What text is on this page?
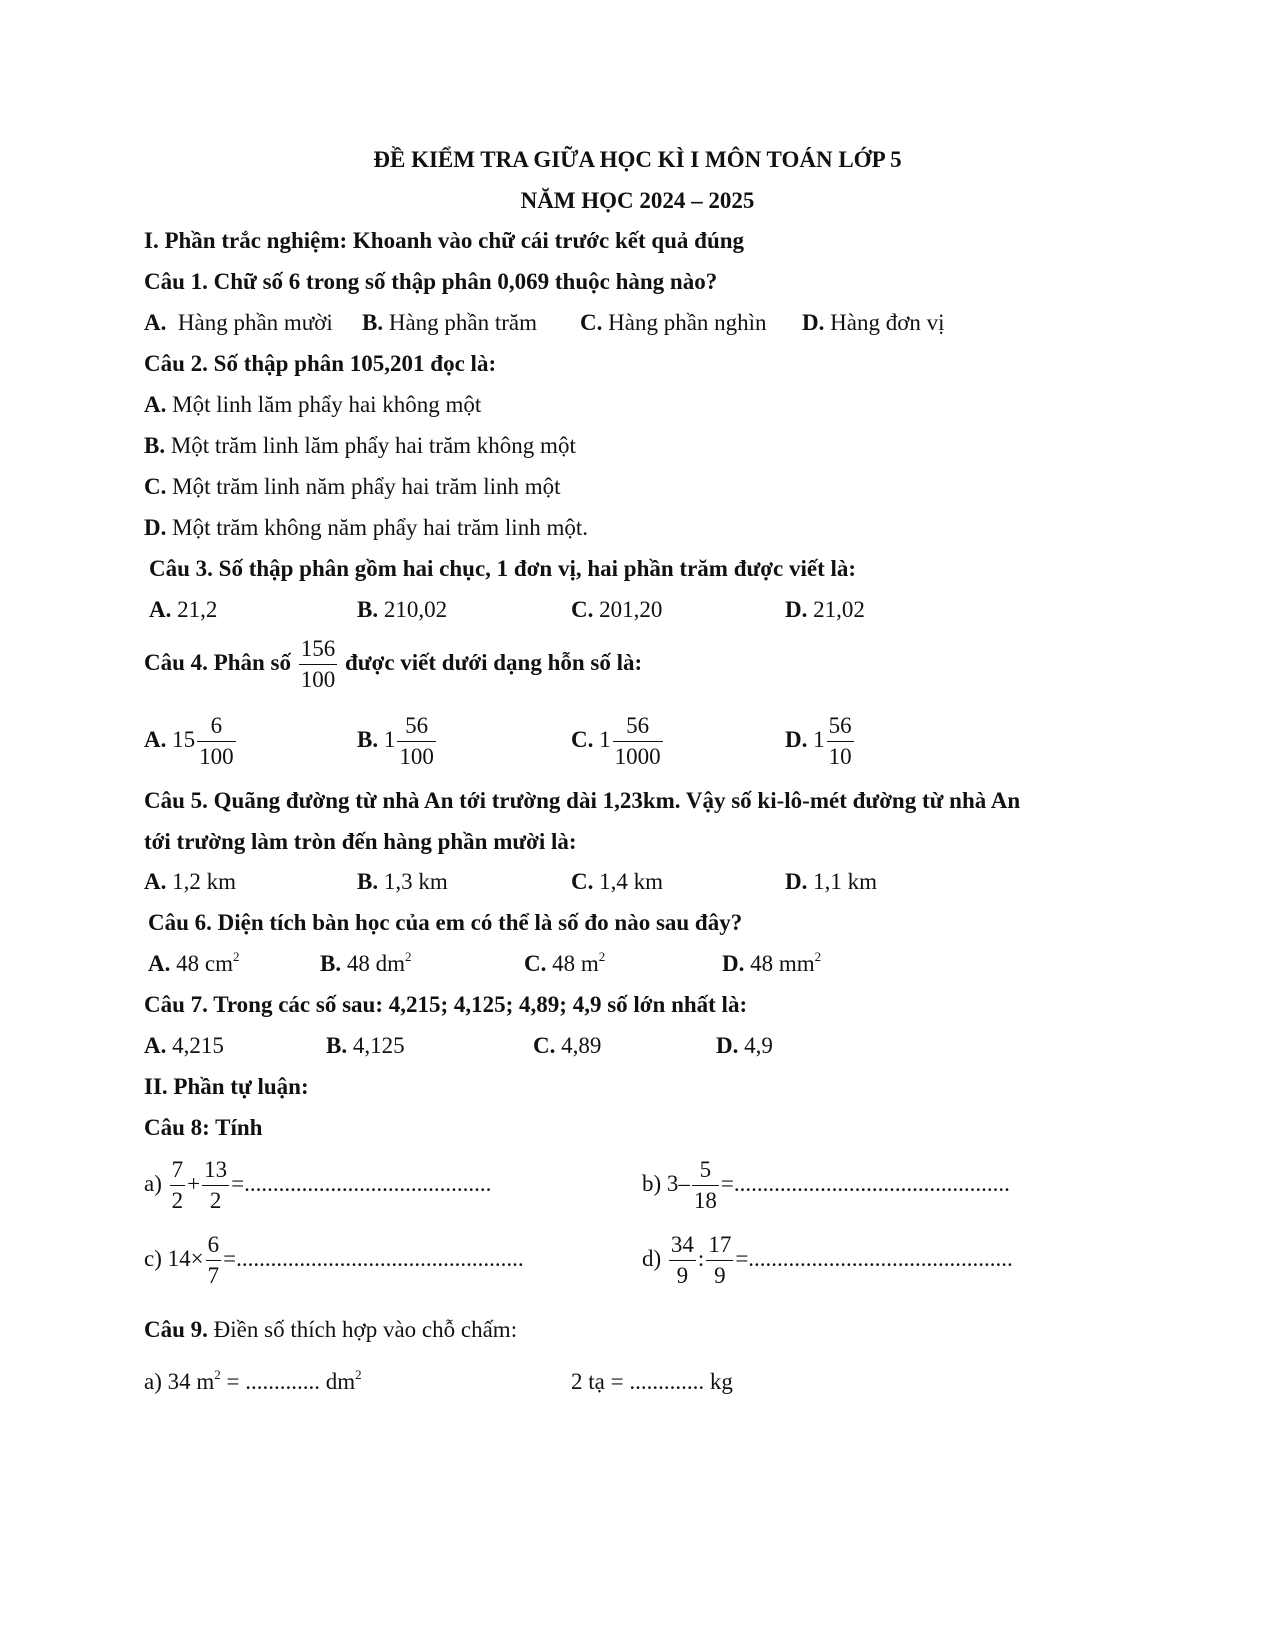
ĐỀ KIỂM TRA GIỮA HỌC KÌ I MÔN TOÁN LỚP 5
NĂM HỌC 2024 – 2025
I. Phần trắc nghiệm: Khoanh vào chữ cái trước kết quả đúng
Câu 1. Chữ số 6 trong số thập phân 0,069 thuộc hàng nào?
A. Hàng phần mười B. Hàng phần trăm C. Hàng phần nghìn D. Hàng đơn vị
Câu 2. Số thập phân 105,201 đọc là:
A. Một linh lăm phẩy hai không một
B. Một trăm linh lăm phẩy hai trăm không một
C. Một trăm linh năm phẩy hai trăm linh một
D. Một trăm không năm phẩy hai trăm linh một.
Câu 3. Số thập phân gồm hai chục, 1 đơn vị, hai phần trăm được viết là:
A. 21,2	B. 210,02	C. 201,20	D. 21,02
Câu 4. Phân số $\frac{156}{100}$ được viết dưới dạng hỗn số là:
A. $15 \frac{6}{100}$	B. $1 \frac{56}{100}$	C. $1 \frac{56}{1000}$	D. $1 \frac{56}{10}$
Câu 5. Quãng đường từ nhà An tới trường dài 1,23km. Vậy số ki-lô-mét đường từ nhà An
tới trường làm tròn đến hàng phần mười là:
A. 1,2 km	B. 1,3 km	C. 1,4 km	D. 1,1 km
Câu 6. Diện tích bàn học của em có thể là số đo nào sau đây?
A. 48 $cm^2$	B. 48 $dm^2$	C. 48 $m^2$	D. 48 $mm^2$
Câu 7. Trong các số sau: 4,215; 4,125; 4,89; 4,9 số lớn nhất là:
A. 4,215	B. 4,125	C. 4,89	D. 4,9
II. Phần tự luận:
Câu 8: Tính
$a) \frac{7}{2} + \frac{13}{2}$ =...........................................	b) $3- \frac{5}{18}$ =................................................
c) $14\times \frac{6}{7}$ =..................................................	$d) \frac{34}{9}$ : $\frac{17}{9}$ =..............................................
Câu 9. Điền số thích hợp vào chỗ chấm:
a) 34 $m^2$ = ............. $dm^2$	2 tạ = ............. kg
